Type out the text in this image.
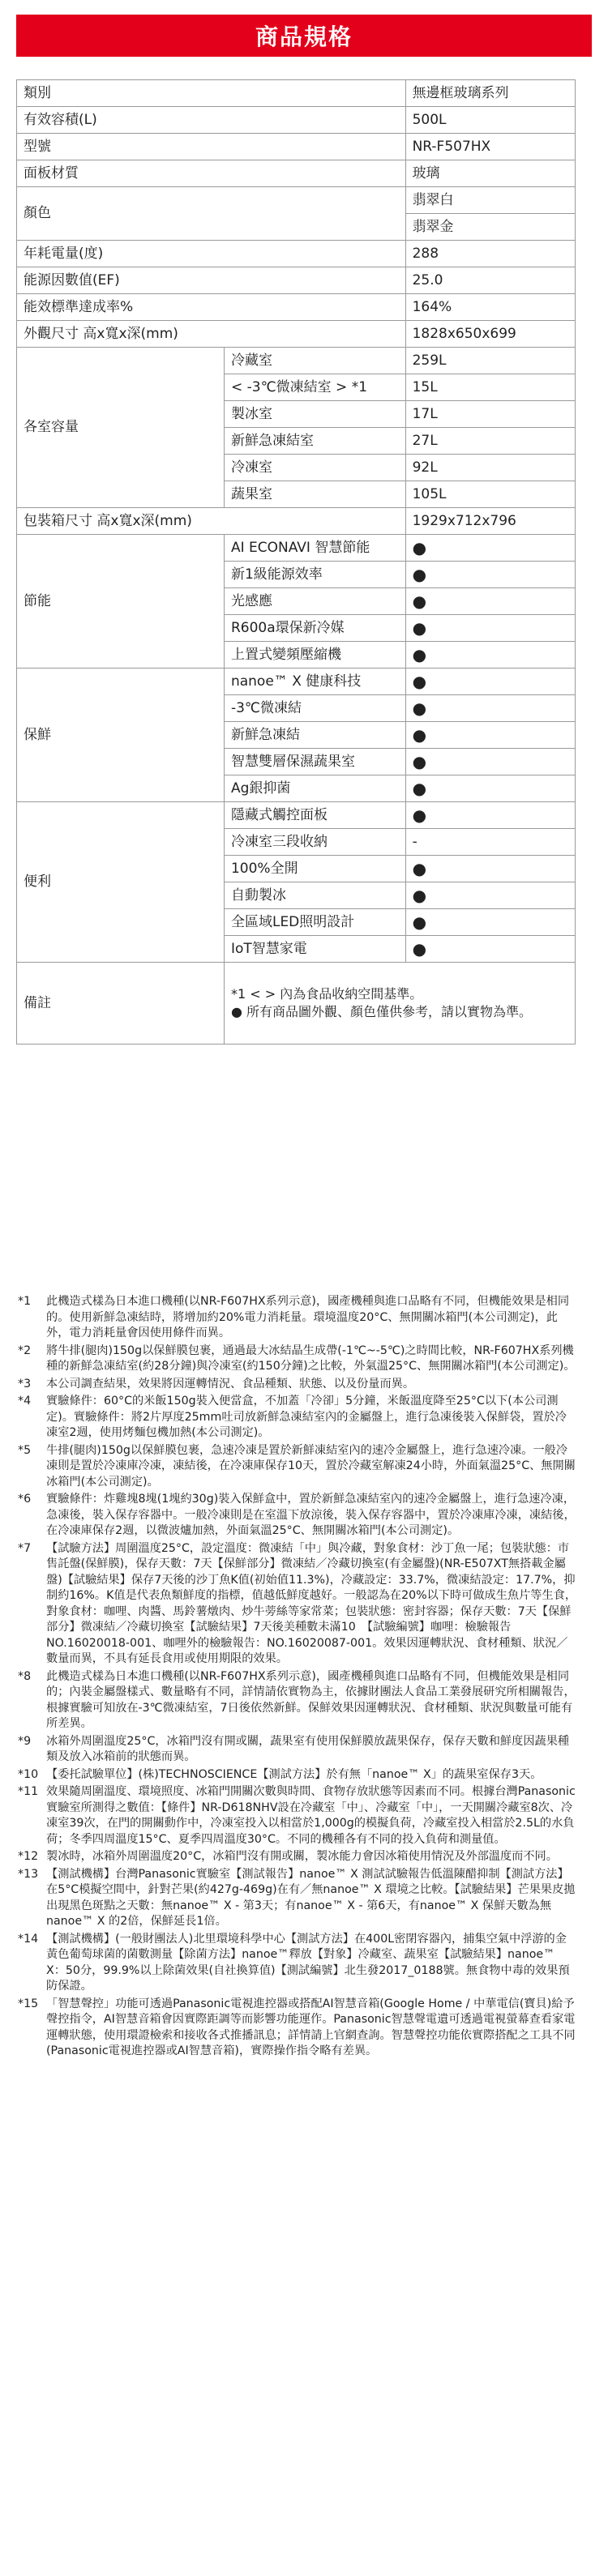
商品規格
類別		無邊框玻璃系列
有效容積(L)		500L
型號		NR-F507HX
面板材質		玻璃
顏色		翡翠白
		翡翠金
年耗電量(度)		288
能源因數值(EF)		25.0
能效標準達成率%		164%
外觀尺寸 高x寬x深(mm)		1828x650x699
各室容量	冷藏室	259L
	< -3℃微凍結室 > *1	15L
	製冰室	17L
	新鮮急凍結室	27L
	冷凍室	92L
	蔬果室	105L
包裝箱尺寸 高x寬x深(mm)		1929x712x796
節能	AI ECONAVI 智慧節能	●
	新1級能源效率	●
	光感應	●
	R600a環保新冷媒	●
	上置式變頻壓縮機	●
保鮮	nanoe™ X 健康科技	●
	-3℃微凍結	●
	新鮮急凍結	●
	智慧雙層保濕蔬果室	●
	Ag銀抑菌	●
便利	隱藏式觸控面板	●
	冷凍室三段收納	-
	100%全開	●
	自動製冰	●
	全區域LED照明設計	●
	IoT智慧家電	●
備註	*1 < > 內為食品收納空間基準。
● 所有商品圖外觀、顏色僅供參考，請以實物為準。	
*1	此機造式樣為日本進口機種(以NR-F607HX系列示意)，國產機種與進口品略有不同，但機能效果是相同的。使用新鮮急凍結時，將增加約20%電力消耗量。環境溫度20°C、無開關冰箱門(本公司測定)，此外，電力消耗量會因使用條件而異。
*2	將牛排(腿肉)150g以保鮮膜包裹，通過最大冰結晶生成帶(-1℃~-5℃)之時間比較，NR-F607HX系列機種的新鮮急凍結室(約28分鐘)與冷凍室(約150分鐘)之比較，外氣溫25°C、無開關冰箱門(本公司測定)。
*3	本公司調查結果，效果將因運轉情況、食品種類、狀態、以及份量而異。
*4	實驗條件：60°C的米飯150g裝入便當盒，不加蓋「冷卻」5分鐘，米飯溫度降至25°C以下(本公司測定)。實驗條件：將2片厚度25mm吐司放新鮮急凍結室內的金屬盤上，進行急凍後裝入保鮮袋，置於冷凍室2週，使用烤麵包機加熱(本公司測定)。
*5	牛排(腿肉)150g以保鮮膜包裹，急速冷凍是置於新鮮凍結室內的速冷金屬盤上，進行急速冷凍。一般冷凍則是置於冷凍庫冷凍，凍結後，在冷凍庫保存10天，置於冷藏室解凍24小時，外面氣溫25°C、無開關冰箱門(本公司測定)。
*6	實驗條件：炸雞塊8塊(1塊約30g)裝入保鮮盒中，置於新鮮急凍結室內的速冷金屬盤上，進行急速冷凍，急凍後，裝入保存容器中。一般冷凍則是在室溫下放涼後，裝入保存容器中，置於冷凍庫冷凍，凍結後，在冷凍庫保存2週，以微波爐加熱，外面氣溫25°C、無開關冰箱門(本公司測定)。
*7	【試驗方法】周圍溫度25°C，設定溫度：微凍結「中」與冷藏，對象食材：沙丁魚一尾；包裝狀態：市售託盤(保鮮膜)，保存天數：7天【保鮮部分】微凍結／冷藏切換室(有金屬盤)(NR-E507XT無搭載金屬盤)【試驗結果】保存7天後的沙丁魚K值(初始值11.3%)，冷藏設定：33.7%，微凍結設定：17.7%，抑制約16%。K值是代表魚類鮮度的指標，值越低鮮度越好。一般認為在20%以下時可做成生魚片等生食，對象食材：咖哩、肉醬、馬鈴薯燉肉、炒牛蒡絲等家常菜；包裝狀態：密封容器；保存天數：7天【保鮮部分】微凍結／冷藏切換室【試驗結果】7天後美種數未滿10　【試驗編號】咖哩：檢驗報告NO.16020018-001、咖哩外的檢驗報告：NO.16020087-001。效果因運轉狀況、食材種類、狀況／數量而異，不具有延長食用或使用期限的效果。
*8	此機造式樣為日本進口機種(以NR-F607HX系列示意)，國產機種與進口品略有不同，但機能效果是相同的；內裝金屬盤樣式、數量略有不同，詳情請依實物為主，依據財團法人食品工業發展研究所相關報告，根據實驗可知放在-3℃微凍結室，7日後依然新鮮。保鮮效果因運轉狀況、食材種類、狀況與數量可能有所差異。
*9	冰箱外周圍溫度25°C，冰箱門沒有開或關，蔬果室有使用保鮮膜放蔬果保存，保存天數和鮮度因蔬果種類及放入冰箱前的狀態而異。
*10 【委托試驗單位】(株)TECHNOSCIENCE【測試方法】於有無「nanoe™ X」的蔬果室保存3天。
*11 效果隨周圍溫度、環境照度、冰箱門開關次數與時間、食物存放狀態等因素而不同。根據台灣Panasonic實驗室所測得之數值：【條件】NR-D618NHV設在冷藏室「中」、冷藏室「中」，一天開關冷藏室8次、冷凍室39次，在門的開關動作中，冷凍室投入以相當於1,000g的模擬負荷，冷藏室投入相當於2.5L的水負荷；冬季四周溫度15°C、夏季四周溫度30°C。不同的機種各有不同的投入負荷和測量值。
*12 製冰時，冰箱外周圍溫度20°C，冰箱門沒有開或關，製冰能力會因冰箱使用情況及外部溫度而不同。
*13 【測試機構】台灣Panasonic實驗室【測試報告】nanoe™ X 測試試驗報告低溫陳醋抑制【測試方法】在5°C模擬空間中，針對芒果(約427g-469g)在有／無nanoe™ X 環境之比較。【試驗結果】芒果果皮拋出現黑色斑點之天數：無nanoe™ X - 第3天；有nanoe™ X - 第6天，有nanoe™ X 保鮮天數為無nanoe™ X 的2倍，保鮮延長1倍。
*14 【測試機構】(一般財團法人)北里環境科學中心【測試方法】在400L密閉容器內，捕集空氣中浮游的金黃色葡萄球菌的菌數測量【除菌方法】nanoe™釋放【對象】冷藏室、蔬果室【試驗結果】nanoe™ X：50分，99.9%以上除菌效果(自社換算值)【測試編號】北生發2017_0188號。無食物中毒的效果預防保證。
*15 「智慧聲控」功能可透過Panasonic電視進控器或搭配AI智慧音箱(Google Home / 中華電信(寶貝)給予聲控指令，AI智慧音箱會因實際距調等而影響功能運作。Panasonic智慧聲電遺可透過電視螢幕查看家電運轉狀態，使用環證檢索和接收各式推播訊息；詳情請上官網查詢。智慧聲控功能依實際搭配之工具不同(Panasonic電視進控器或AI智慧音箱)，實際操作指令略有差異。
